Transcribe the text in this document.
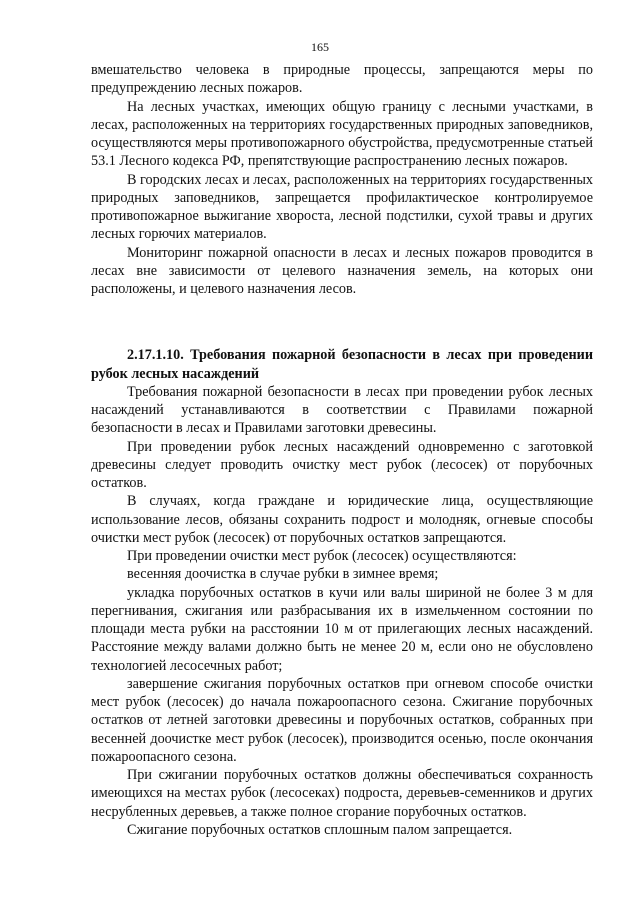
165

вмешательство человека в природные процессы, запрещаются меры по предупреждению лесных пожаров.

На лесных участках, имеющих общую границу с лесными участками, в лесах, расположенных на территориях государственных природных заповедников, осуществляются меры противопожарного обустройства, предусмотренные статьей 53.1 Лесного кодекса РФ, препятствующие распространению лесных пожаров.

В городских лесах и лесах, расположенных на территориях государственных природных заповедников, запрещается профилактическое контролируемое противопожарное выжигание хвороста, лесной подстилки, сухой травы и других лесных горючих материалов.

Мониторинг пожарной опасности в лесах и лесных пожаров проводится в лесах вне зависимости от целевого назначения земель, на которых они расположены, и целевого назначения лесов.

2.17.1.10. Требования пожарной безопасности в лесах при проведении рубок лесных насаждений

Требования пожарной безопасности в лесах при проведении рубок лесных насаждений устанавливаются в соответствии с Правилами пожарной безопасности в лесах и Правилами заготовки древесины.

При проведении рубок лесных насаждений одновременно с заготовкой древесины следует проводить очистку мест рубок (лесосек) от порубочных остатков.

В случаях, когда граждане и юридические лица, осуществляющие использование лесов, обязаны сохранить подрост и молодняк, огневые способы очистки мест рубок (лесосек) от порубочных остатков запрещаются.

При проведении очистки мест рубок (лесосек) осуществляются:

весенняя доочистка в случае рубки в зимнее время;

укладка порубочных остатков в кучи или валы шириной не более 3 м для перегнивания, сжигания или разбрасывания их в измельченном состоянии по площади места рубки на расстоянии 10 м от прилегающих лесных насаждений. Расстояние между валами должно быть не менее 20 м, если оно не обусловлено технологией лесосечных работ;

завершение сжигания порубочных остатков при огневом способе очистки мест рубок (лесосек) до начала пожароопасного сезона. Сжигание порубочных остатков от летней заготовки древесины и порубочных остатков, собранных при весенней доочистке мест рубок (лесосек), производится осенью, после окончания пожароопасного сезона.

При сжигании порубочных остатков должны обеспечиваться сохранность имеющихся на местах рубок (лесосеках) подроста, деревьев-семенников и других несрубленных деревьев, а также полное сгорание порубочных остатков.

Сжигание порубочных остатков сплошным палом запрещается.
